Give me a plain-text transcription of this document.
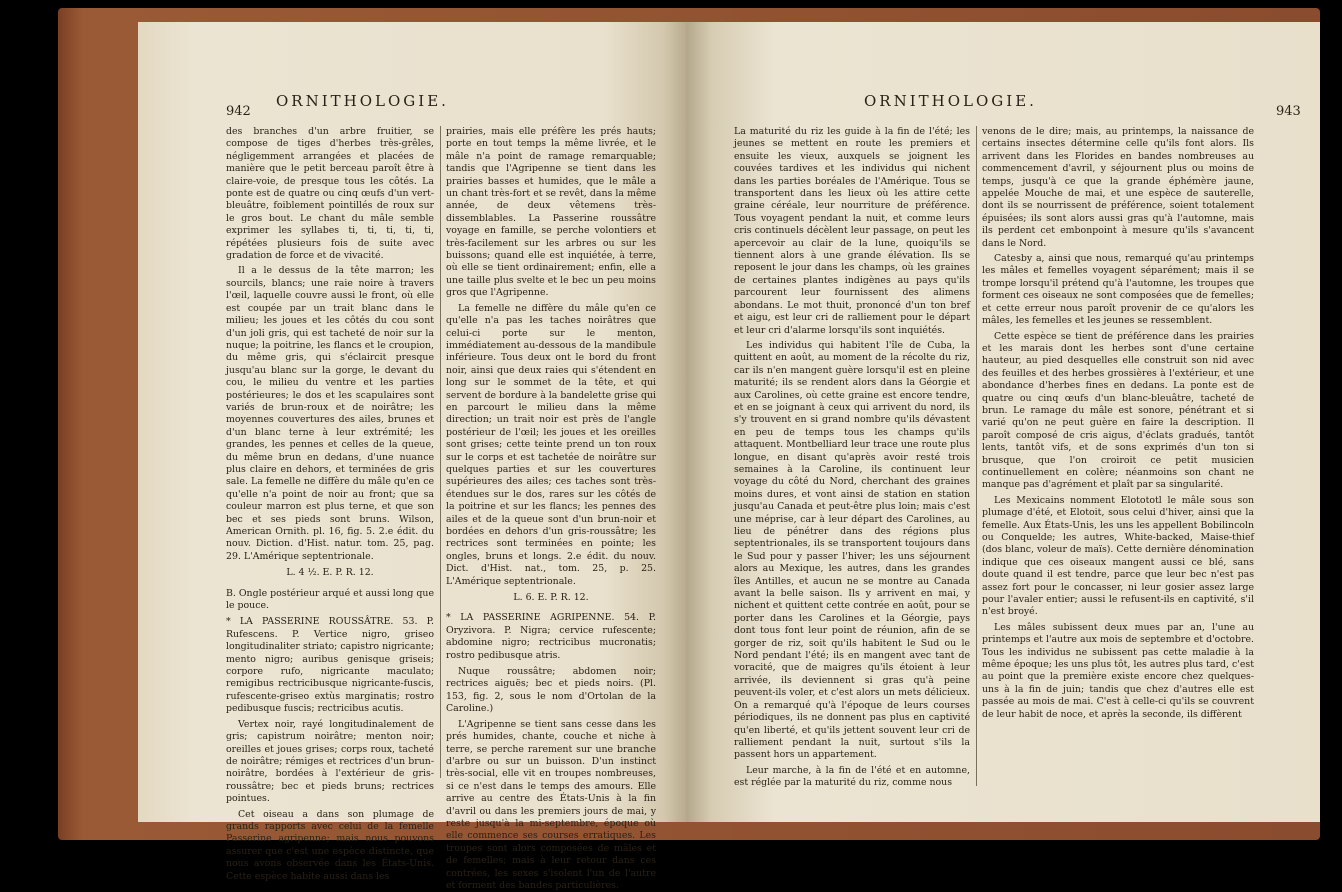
942
ORNITHOLOGIE.

des branches d'un arbre fruitier, se compose de tiges d'herbes très-grêles, négligemment arrangées et placées de manière que le petit berceau paroît être à claire-voie, de presque tous les côtés. La ponte est de quatre ou cinq œufs d'un vert-bleuâtre, foiblement pointillés de roux sur le gros bout. Le chant du mâle semble exprimer les syllabes ti, ti, ti, ti, ti, répétées plusieurs fois de suite avec gradation de force et de vivacité.

Il a le dessus de la tête marron; les sourcils, blancs; une raie noire à travers l'œil, laquelle couvre aussi le front, où elle est coupée par un trait blanc dans le milieu; les joues et les côtés du cou sont d'un joli gris, qui est tacheté de noir sur la nuque; la poitrine, les flancs et le croupion, du même gris, qui s'éclaircit presque jusqu'au blanc sur la gorge, le devant du cou, le milieu du ventre et les parties postérieures; le dos et les scapulaires sont variés de brun-roux et de noirâtre; les moyennes couvertures des ailes, brunes et d'un blanc terne à leur extrémité; les grandes, les pennes et celles de la queue, du même brun en dedans, d'une nuance plus claire en dehors, et terminées de gris sale. La femelle ne diffère du mâle qu'en ce qu'elle n'a point de noir au front; que sa couleur marron est plus terne, et que son bec et ses pieds sont bruns. Wilson, American Ornith. pl. 16, fig. 5. 2.e édit. du nouv. Diction. d'Hist. natur. tom. 25, pag. 29. L'Amérique septentrionale.

L. 4 ½. E. P. R. 12.

B. Ongle postérieur arqué et aussi long que le pouce.

* LA PASSERINE ROUSSÂTRE. 53. P. Rufescens. P. Vertice nigro, griseo longitudinaliter striato; capistro nigricante; mento nigro; auribus genisque griseis; corpore rufo, nigricante maculato; remigibus rectricibusque nigricante-fuscis, rufescente-griseo extùs marginatis; rostro pedibusque fuscis; rectricibus acutis.

Vertex noir, rayé longitudinalement de gris; capistrum noirâtre; menton noir; oreilles et joues grises; corps roux, tacheté de noirâtre; rémiges et rectrices d'un brun-noirâtre, bordées à l'extérieur de gris-roussâtre; bec et pieds bruns; rectrices pointues.

Cet oiseau a dans son plumage de grands rapports avec celui de la femelle Passerine agripenne; mais nous pouvons assurer que c'est une espèce distincte, que nous avons observée dans les États-Unis. Cette espèce habite aussi dans les

prairies, mais elle préfère les prés hauts; porte en tout temps la même livrée, et le mâle n'a point de ramage remarquable; tandis que l'Agripenne se tient dans les prairies basses et humides, que le mâle a un chant très-fort et se revêt, dans la même année, de deux vêtemens très-dissemblables. La Passerine roussâtre voyage en famille, se perche volontiers et très-facilement sur les arbres ou sur les buissons; quand elle est inquiétée, à terre, où elle se tient ordinairement; enfin, elle a une taille plus svelte et le bec un peu moins gros que l'Agripenne.

La femelle ne diffère du mâle qu'en ce qu'elle n'a pas les taches noirâtres que celui-ci porte sur le menton, immédiatement au-dessous de la mandibule inférieure. Tous deux ont le bord du front noir, ainsi que deux raies qui s'étendent en long sur le sommet de la tête, et qui servent de bordure à la bandelette grise qui en parcourt le milieu dans la même direction; un trait noir est près de l'angle postérieur de l'œil; les joues et les oreilles sont grises; cette teinte prend un ton roux sur le corps et est tachetée de noirâtre sur quelques parties et sur les couvertures supérieures des ailes; ces taches sont très-étendues sur le dos, rares sur les côtés de la poitrine et sur les flancs; les pennes des ailes et de la queue sont d'un brun-noir et bordées en dehors d'un gris-roussâtre; les rectrices sont terminées en pointe; les ongles, bruns et longs. 2.e édit. du nouv. Dict. d'Hist. nat., tom. 25, p. 25. L'Amérique septentrionale.

L. 6. E. P. R. 12.

* LA PASSERINE AGRIPENNE. 54. P. Oryzivora. P. Nigra; cervice rufescente; abdomine nigro; rectricibus mucronatis; rostro pedibusque atris.

Nuque roussâtre; abdomen noir; rectrices aiguës; bec et pieds noirs. (Pl. 153, fig. 2, sous le nom d'Ortolan de la Caroline.)

L'Agripenne se tient sans cesse dans les prés humides, chante, couche et niche à terre, se perche rarement sur une branche d'arbre ou sur un buisson. D'un instinct très-social, elle vit en troupes nombreuses, si ce n'est dans le temps des amours. Elle arrive au centre des États-Unis à la fin d'avril ou dans les premiers jours de mai, y reste jusqu'à la mi-septembre, époque où elle commence ses courses erratiques. Les troupes sont alors composées de mâles et de femelles; mais à leur retour dans ces contrées, les sexes s'isolent l'un de l'autre et forment des bandes particulières.

ORNITHOLOGIE.
943

La maturité du riz les guide à la fin de l'été; les jeunes se mettent en route les premiers et ensuite les vieux, auxquels se joignent les couvées tardives et les individus qui nichent dans les parties boréales de l'Amérique. Tous se transportent dans les lieux où les attire cette graine céréale, leur nourriture de préférence. Tous voyagent pendant la nuit, et comme leurs cris continuels décèlent leur passage, on peut les apercevoir au clair de la lune, quoiqu'ils se tiennent alors à une grande élévation. Ils se reposent le jour dans les champs, où les graines de certaines plantes indigènes au pays qu'ils parcourent leur fournissent des alimens abondans. Le mot thuit, prononcé d'un ton bref et aigu, est leur cri de ralliement pour le départ et leur cri d'alarme lorsqu'ils sont inquiétés.

Les individus qui habitent l'île de Cuba, la quittent en août, au moment de la récolte du riz, car ils n'en mangent guère lorsqu'il est en pleine maturité; ils se rendent alors dans la Géorgie et aux Carolines, où cette graine est encore tendre, et en se joignant à ceux qui arrivent du nord, ils s'y trouvent en si grand nombre qu'ils dévastent en peu de temps tous les champs qu'ils attaquent. Montbelliard leur trace une route plus longue, en disant qu'après avoir resté trois semaines à la Caroline, ils continuent leur voyage du côté du Nord, cherchant des graines moins dures, et vont ainsi de station en station jusqu'au Canada et peut-être plus loin; mais c'est une méprise, car à leur départ des Carolines, au lieu de pénétrer dans des régions plus septentrionales, ils se transportent toujours dans le Sud pour y passer l'hiver; les uns séjournent alors au Mexique, les autres, dans les grandes îles Antilles, et aucun ne se montre au Canada avant la belle saison. Ils y arrivent en mai, y nichent et quittent cette contrée en août, pour se porter dans les Carolines et la Géorgie, pays dont tous font leur point de réunion, afin de se gorger de riz, soit qu'ils habitent le Sud ou le Nord pendant l'été; ils en mangent avec tant de voracité, que de maigres qu'ils étoient à leur arrivée, ils deviennent si gras qu'à peine peuvent-ils voler, et c'est alors un mets délicieux. On a remarqué qu'à l'époque de leurs courses périodiques, ils ne donnent pas plus en captivité qu'en liberté, et qu'ils jettent souvent leur cri de ralliement pendant la nuit, surtout s'ils la passent hors un appartement.

Leur marche, à la fin de l'été et en automne, est réglée par la maturité du riz, comme nous

venons de le dire; mais, au printemps, la naissance de certains insectes détermine celle qu'ils font alors. Ils arrivent dans les Florides en bandes nombreuses au commencement d'avril, y séjournent plus ou moins de temps, jusqu'à ce que la grande éphémère jaune, appelée Mouche de mai, et une espèce de sauterelle, dont ils se nourrissent de préférence, soient totalement épuisées; ils sont alors aussi gras qu'à l'automne, mais ils perdent cet embonpoint à mesure qu'ils s'avancent dans le Nord.

Catesby a, ainsi que nous, remarqué qu'au printemps les mâles et femelles voyagent séparément; mais il se trompe lorsqu'il prétend qu'à l'automne, les troupes que forment ces oiseaux ne sont composées que de femelles; et cette erreur nous paroît provenir de ce qu'alors les mâles, les femelles et les jeunes se ressemblent.

Cette espèce se tient de préférence dans les prairies et les marais dont les herbes sont d'une certaine hauteur, au pied desquelles elle construit son nid avec des feuilles et des herbes grossières à l'extérieur, et une abondance d'herbes fines en dedans. La ponte est de quatre ou cinq œufs d'un blanc-bleuâtre, tacheté de brun. Le ramage du mâle est sonore, pénétrant et si varié qu'on ne peut guère en faire la description. Il paroît composé de cris aigus, d'éclats gradués, tantôt lents, tantôt vifs, et de sons exprimés d'un ton si brusque, que l'on croiroit ce petit musicien continuellement en colère; néanmoins son chant ne manque pas d'agrément et plaît par sa singularité.

Les Mexicains nomment Elotototl le mâle sous son plumage d'été, et Elotoit, sous celui d'hiver, ainsi que la femelle. Aux États-Unis, les uns les appellent Bobilincoln ou Conquelde; les autres, White-backed, Maise-thief (dos blanc, voleur de maïs). Cette dernière dénomination indique que ces oiseaux mangent aussi ce blé, sans doute quand il est tendre, parce que leur bec n'est pas assez fort pour le concasser, ni leur gosier assez large pour l'avaler entier; aussi le refusent-ils en captivité, s'il n'est broyé.

Les mâles subissent deux mues par an, l'une au printemps et l'autre aux mois de septembre et d'octobre. Tous les individus ne subissent pas cette maladie à la même époque; les uns plus tôt, les autres plus tard, c'est au point que la première existe encore chez quelques-uns à la fin de juin; tandis que chez d'autres elle est passée au mois de mai. C'est à celle-ci qu'ils se couvrent de leur habit de noce, et après la seconde, ils diffèrent
